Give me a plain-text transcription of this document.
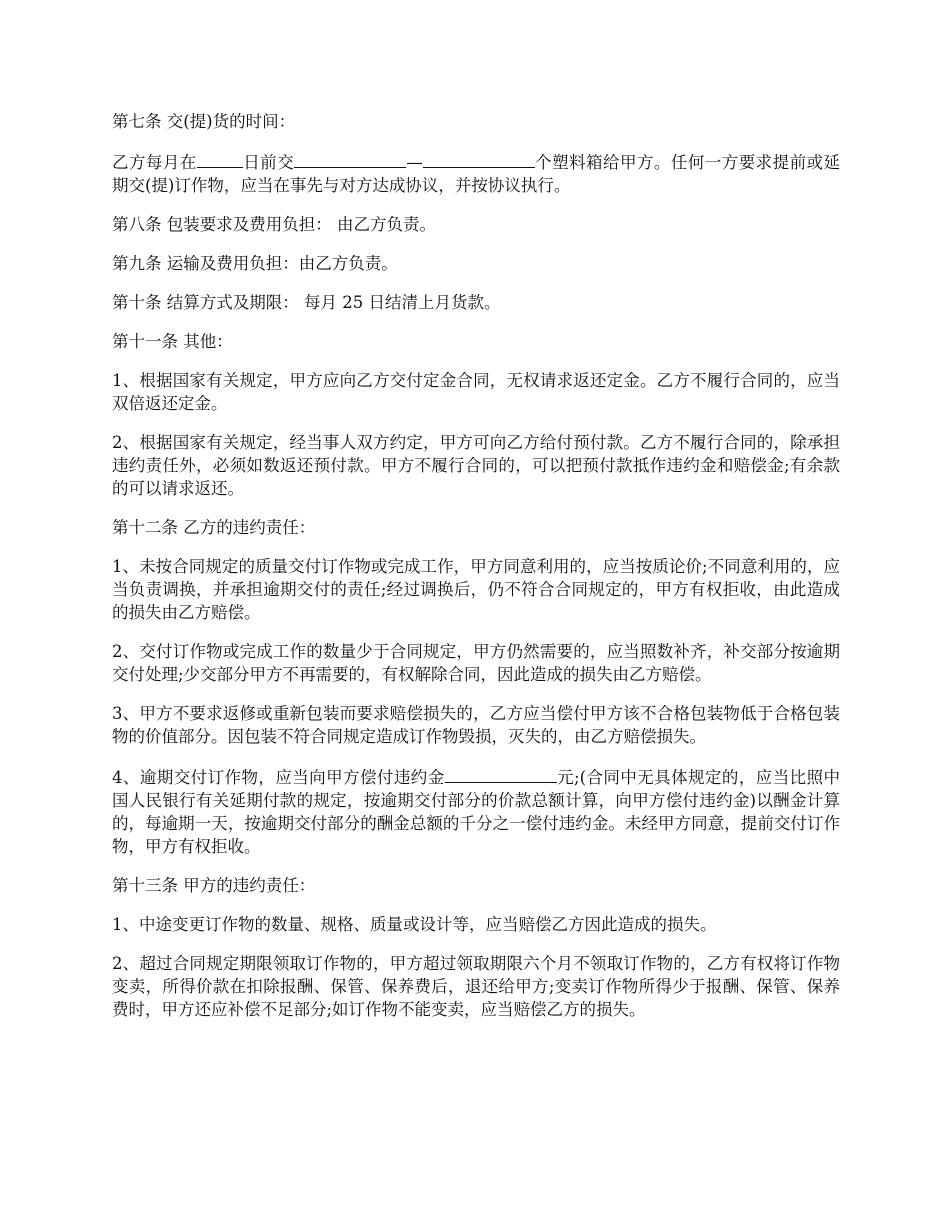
第七条 交(提)货的时间：

乙方每月在	日前交	—	个塑料箱给甲方。任何一方要求提前或延期交(提)订作物，应当在事先与对方达成协议，并按协议执行。

第八条 包装要求及费用负担： 由乙方负责。

第九条 运输及费用负担：由乙方负责。

第十条 结算方式及期限： 每月 25 日结清上月货款。

第十一条 其他：

1、根据国家有关规定，甲方应向乙方交付定金合同，无权请求返还定金。乙方不履行合同的，应当双倍返还定金。

2、根据国家有关规定，经当事人双方约定，甲方可向乙方给付预付款。乙方不履行合同的，除承担违约责任外，必须如数返还预付款。甲方不履行合同的，可以把预付款抵作违约金和赔偿金;有余款的可以请求返还。

第十二条 乙方的违约责任：

1、未按合同规定的质量交付订作物或完成工作，甲方同意利用的，应当按质论价;不同意利用的，应当负责调换，并承担逾期交付的责任;经过调换后，仍不符合合同规定的，甲方有权拒收，由此造成的损失由乙方赔偿。

2、交付订作物或完成工作的数量少于合同规定，甲方仍然需要的，应当照数补齐，补交部分按逾期交付处理;少交部分甲方不再需要的，有权解除合同，因此造成的损失由乙方赔偿。

3、甲方不要求返修或重新包装而要求赔偿损失的，乙方应当偿付甲方该不合格包装物低于合格包装物的价值部分。因包装不符合同规定造成订作物毁损，灭失的，由乙方赔偿损失。

4、逾期交付订作物，应当向甲方偿付违约金	元;(合同中无具体规定的，应当比照中国人民银行有关延期付款的规定，按逾期交付部分的价款总额计算，向甲方偿付违约金)以酬金计算的，每逾期一天，按逾期交付部分的酬金总额的千分之一偿付违约金。未经甲方同意，提前交付订作物，甲方有权拒收。

第十三条 甲方的违约责任：

1、中途变更订作物的数量、规格、质量或设计等，应当赔偿乙方因此造成的损失。

2、超过合同规定期限领取订作物的，甲方超过领取期限六个月不领取订作物的，乙方有权将订作物变卖，所得价款在扣除报酬、保管、保养费后，退还给甲方;变卖订作物所得少于报酬、保管、保养费时，甲方还应补偿不足部分;如订作物不能变卖，应当赔偿乙方的损失。
